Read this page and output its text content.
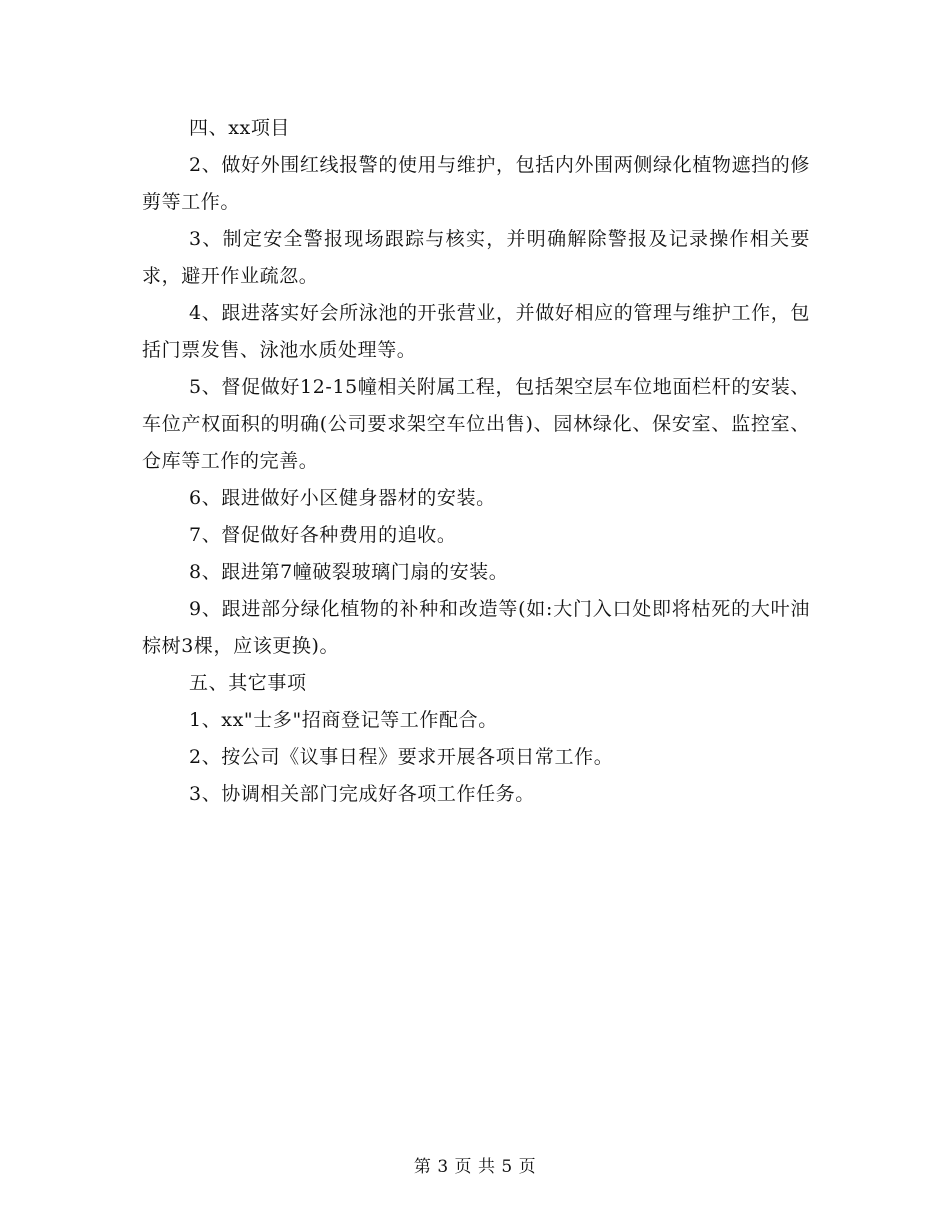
四、xx项目

2、做好外围红线报警的使用与维护，包括内外围两侧绿化植物遮挡的修剪等工作。

3、制定安全警报现场跟踪与核实，并明确解除警报及记录操作相关要求，避开作业疏忽。

4、跟进落实好会所泳池的开张营业，并做好相应的管理与维护工作，包括门票发售、泳池水质处理等。

5、督促做好12-15幢相关附属工程，包括架空层车位地面栏杆的安装、车位产权面积的明确(公司要求架空车位出售)、园林绿化、保安室、监控室、仓库等工作的完善。

6、跟进做好小区健身器材的安装。

7、督促做好各种费用的追收。

8、跟进第7幢破裂玻璃门扇的安装。

9、跟进部分绿化植物的补种和改造等(如:大门入口处即将枯死的大叶油棕树3棵，应该更换)。

五、其它事项

1、xx"士多"招商登记等工作配合。

2、按公司《议事日程》要求开展各项日常工作。

3、协调相关部门完成好各项工作任务。

第 3 页 共 5 页
